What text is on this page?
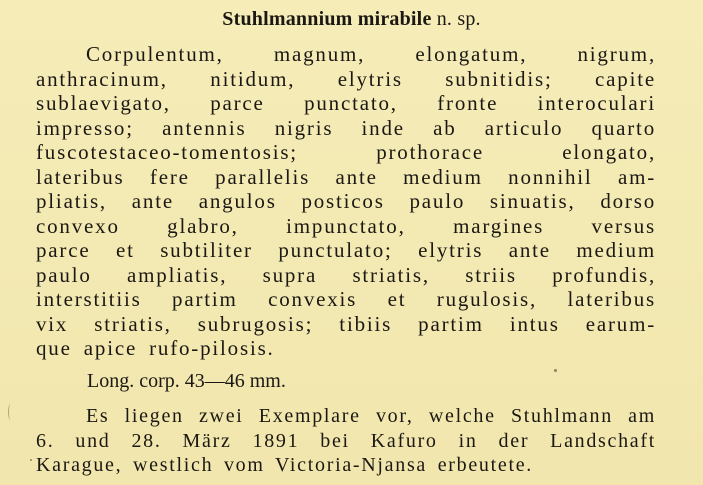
Stuhlmannium mirabile n. sp.
Corpulentum, magnum, elongatum, nigrum,
anthracinum, nitidum, elytris subnitidis; capite
sublaevigato, parce punctato, fronte interoculari
impresso; antennis nigris inde ab articulo quarto
fuscotestaceo-tomentosis; prothorace elongato,
lateribus fere parallelis ante medium nonnihil am-
pliatis, ante angulos posticos paulo sinuatis, dorso
convexo glabro, impunctato, margines versus
parce et subtiliter punctulato; elytris ante medium
paulo ampliatis, supra striatis, striis profundis,
interstitiis partim convexis et rugulosis, lateribus
vix striatis, subrugosis; tibiis partim intus earum-
que apice rufo-pilosis.
Long. corp. 43—46 mm.
Es liegen zwei Exemplare vor, welche Stuhlmann am
6. und 28. März 1891 bei Kafuro in der Landschaft
Karague, westlich vom Victoria-Njansa erbeutete.
